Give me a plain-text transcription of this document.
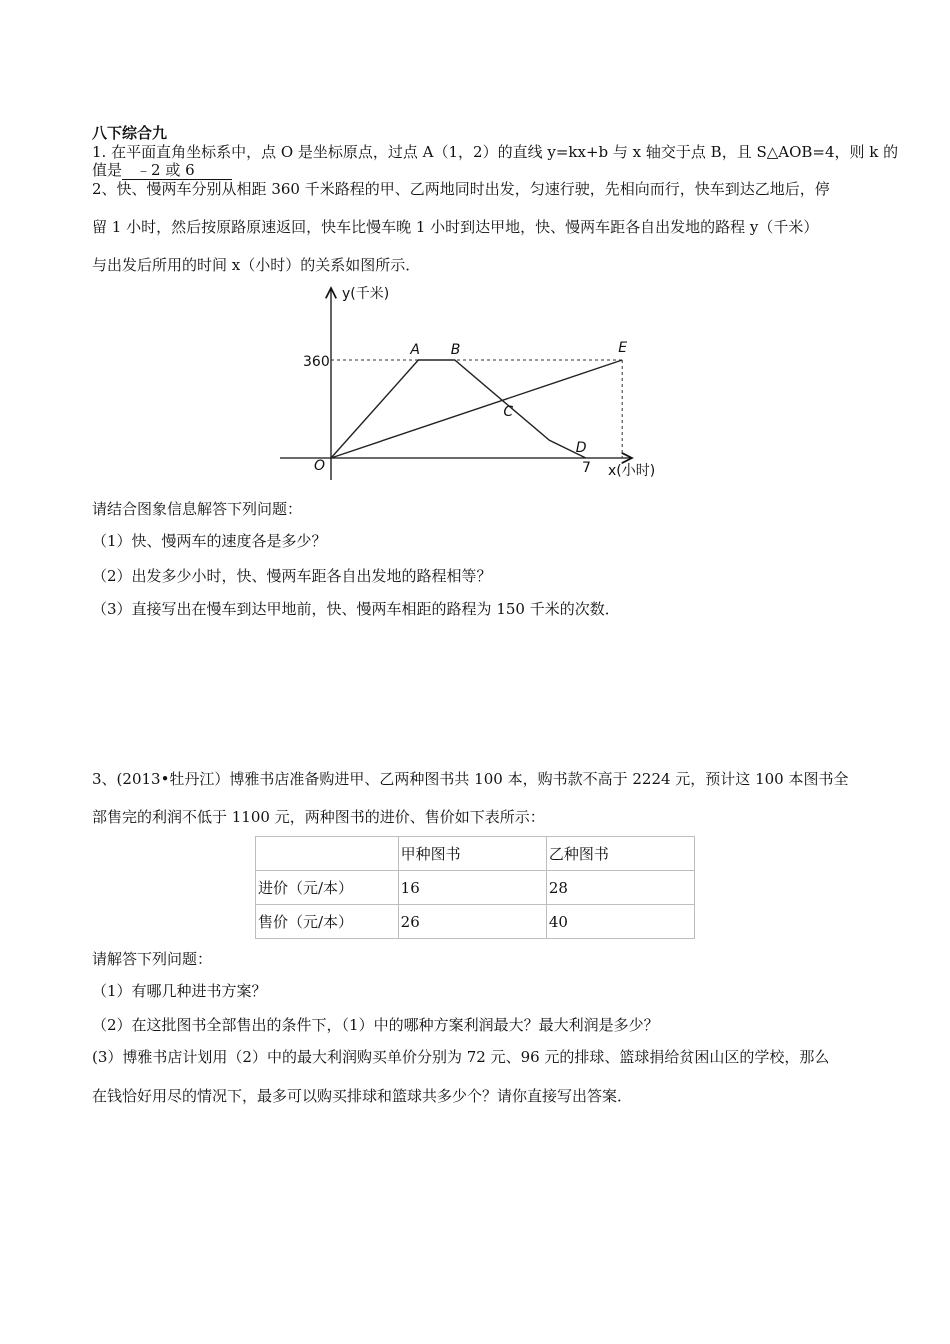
八下综合九
1. 在平面直角坐标系中，点 O 是坐标原点，过点 A（1，2）的直线 y=kx+b 与 x 轴交于点 B，且 S△AOB=4，则 k 的
值是 ﹣2 或 6
2、快、慢两车分别从相距 360 千米路程的甲、乙两地同时出发，匀速行驶，先相向而行，快车到达乙地后，停
留 1 小时，然后按原路原速返回，快车比慢车晚 1 小时到达甲地，快、慢两车距各自出发地的路程 y（千米）
与出发后所用的时间 x（小时）的关系如图所示．
A B
C
E
D
y(千米)
x(小时)
O
360
7
请结合图象信息解答下列问题：
（1）快、慢两车的速度各是多少？
（2）出发多少小时，快、慢两车距各自出发地的路程相等？
（3）直接写出在慢车到达甲地前，快、慢两车相距的路程为 150 千米的次数．
3、(2013•牡丹江）博雅书店准备购进甲、乙两种图书共 100 本，购书款不高于 2224 元，预计这 100 本图书全
部售完的利润不低于 1100 元，两种图书的进价、售价如下表所示：
	甲种图书	乙种图书
进价（元/本）	16	28
售价（元/本）	26	40
请解答下列问题：
（1）有哪几种进书方案？
（2）在这批图书全部售出的条件下，（1）中的哪种方案利润最大？最大利润是多少？
(3）博雅书店计划用（2）中的最大利润购买单价分别为 72 元、96 元的排球、篮球捐给贫困山区的学校，那么
在钱恰好用尽的情况下，最多可以购买排球和篮球共多少个？请你直接写出答案．
